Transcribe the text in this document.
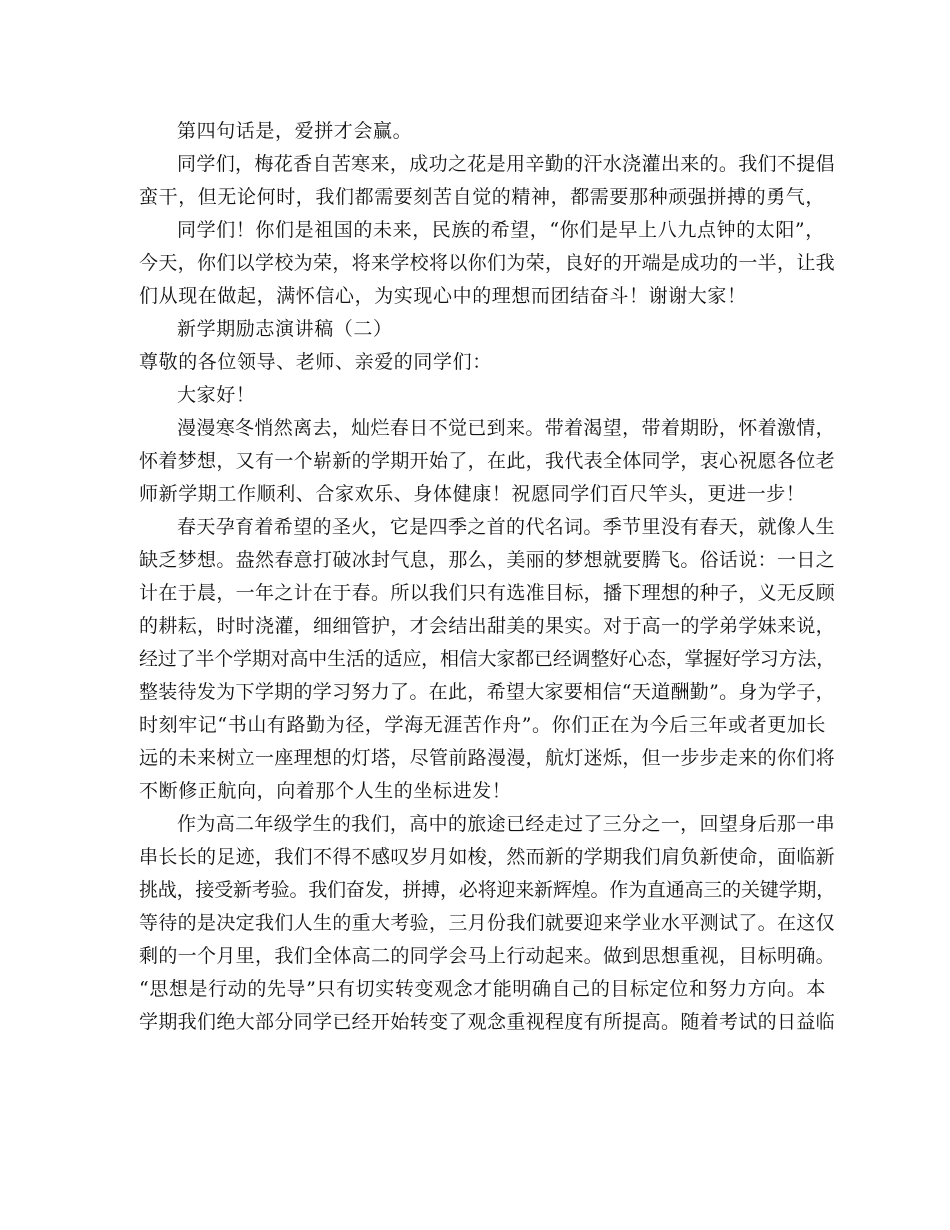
第四句话是，爱拼才会赢。
同学们，梅花香自苦寒来，成功之花是用辛勤的汗水浇灌出来的。我们不提倡
蛮干，但无论何时，我们都需要刻苦自觉的精神，都需要那种顽强拼搏的勇气，
同学们！你们是祖国的未来，民族的希望，“你们是早上八九点钟的太阳”，
今天，你们以学校为荣，将来学校将以你们为荣，良好的开端是成功的一半，让我
们从现在做起，满怀信心，为实现心中的理想而团结奋斗！谢谢大家！
新学期励志演讲稿（二）
尊敬的各位领导、老师、亲爱的同学们：
大家好！
漫漫寒冬悄然离去，灿烂春日不觉已到来。带着渴望，带着期盼，怀着激情，
怀着梦想，又有一个崭新的学期开始了，在此，我代表全体同学，衷心祝愿各位老
师新学期工作顺利、合家欢乐、身体健康！祝愿同学们百尺竿头，更进一步！
春天孕育着希望的圣火，它是四季之首的代名词。季节里没有春天，就像人生
缺乏梦想。盎然春意打破冰封气息，那么，美丽的梦想就要腾飞。俗话说：一日之
计在于晨，一年之计在于春。所以我们只有选准目标，播下理想的种子，义无反顾
的耕耘，时时浇灌，细细管护，才会结出甜美的果实。对于高一的学弟学妹来说，
经过了半个学期对高中生活的适应，相信大家都已经调整好心态，掌握好学习方法，
整装待发为下学期的学习努力了。在此，希望大家要相信“天道酬勤”。身为学子，
时刻牢记“书山有路勤为径，学海无涯苦作舟”。你们正在为今后三年或者更加长
远的未来树立一座理想的灯塔，尽管前路漫漫，航灯迷烁，但一步步走来的你们将
不断修正航向，向着那个人生的坐标进发！
作为高二年级学生的我们，高中的旅途已经走过了三分之一，回望身后那一串
串长长的足迹，我们不得不感叹岁月如梭，然而新的学期我们肩负新使命，面临新
挑战，接受新考验。我们奋发，拼搏，必将迎来新辉煌。作为直通高三的关键学期，
等待的是决定我们人生的重大考验，三月份我们就要迎来学业水平测试了。在这仅
剩的一个月里，我们全体高二的同学会马上行动起来。做到思想重视，目标明确。
“思想是行动的先导”只有切实转变观念才能明确自己的目标定位和努力方向。本
学期我们绝大部分同学已经开始转变了观念重视程度有所提高。随着考试的日益临
